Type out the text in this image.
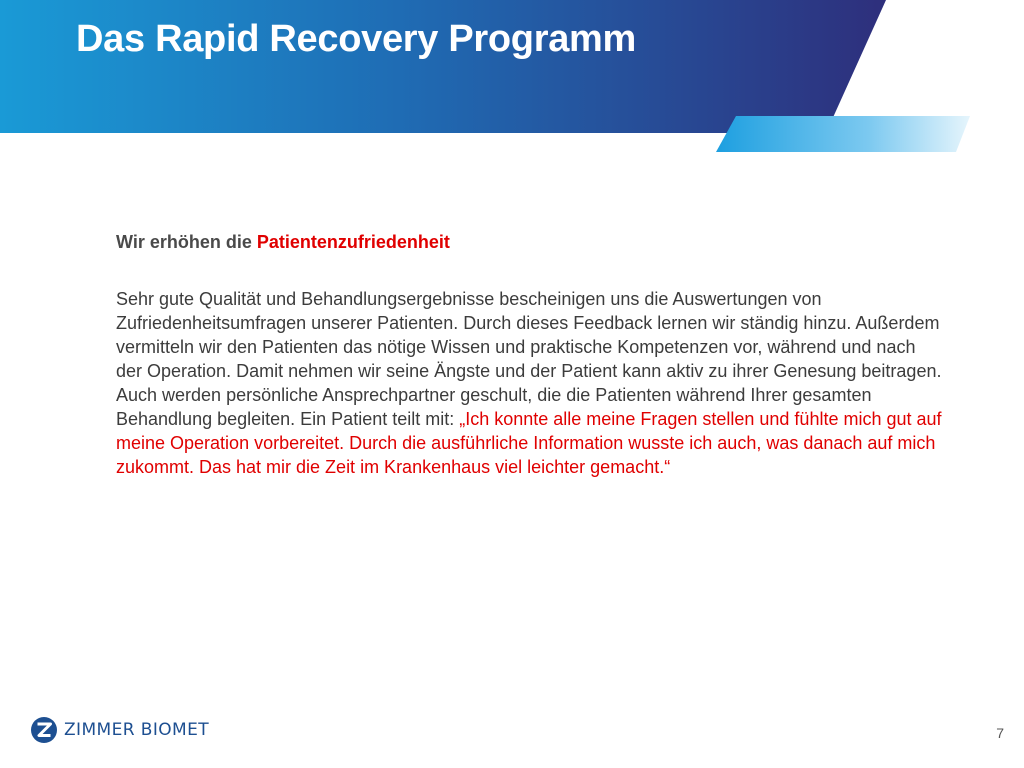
Das Rapid Recovery Programm

Wir erhöhen die Patientenzufriedenheit

Sehr gute Qualität und Behandlungsergebnisse bescheinigen uns die Auswertungen von Zufriedenheitsumfragen unserer Patienten. Durch dieses Feedback lernen wir ständig hinzu. Außerdem vermitteln wir den Patienten das nötige Wissen und praktische Kompetenzen vor, während und nach der Operation. Damit nehmen wir seine Ängste und der Patient kann aktiv zu ihrer Genesung beitragen. Auch werden persönliche Ansprechpartner geschult, die die Patienten während Ihrer gesamten Behandlung begleiten. Ein Patient teilt mit: „Ich konnte alle meine Fragen stellen und fühlte mich gut auf meine Operation vorbereitet. Durch die ausführliche Information wusste ich auch, was danach auf mich zukommt. Das hat mir die Zeit im Krankenhaus viel leichter gemacht.“

ZIMMER BIOMET	7
